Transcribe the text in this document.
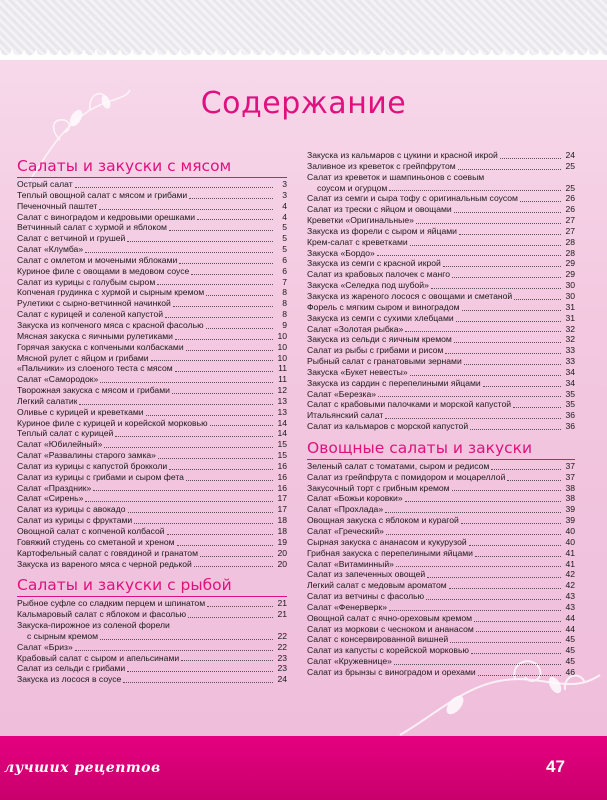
Содержание
Салаты и закуски с мясом
Острый салат	3
Теплый овощной салат с мясом и грибами	3
Печеночный паштет	4
Салат с виноградом и кедровыми орешками	4
Ветчинный салат с хурмой и яблоком	5
Салат с ветчиной и грушей	5
Салат «Клумба»	5
Салат с омлетом и мочеными яблоками	6
Куриное филе с овощами в медовом соусе	6
Салат из курицы с голубым сыром	7
Копченая грудинка с хурмой и сырным кремом	8
Рулетики с сырно-ветчинной начинкой	8
Салат с курицей и соленой капустой	8
Закуска из копченого мяса с красной фасолью	9
Мясная закуска с яичными рулетиками	10
Горячая закуска с копчеными колбасками	10
Мясной рулет с яйцом и грибами	10
«Пальчики» из слоеного теста с мясом	11
Салат «Самородок»	11
Творожная закуска с мясом и грибами	12
Легкий салатик	13
Оливье с курицей и креветками	13
Куриное филе с курицей и корейской морковью	14
Теплый салат с курицей	14
Салат «Юбилейный»	15
Салат «Развалины старого замка»	15
Салат из курицы с капустой брокколи	16
Салат из курицы с грибами и сыром фета	16
Салат «Праздник»	16
Салат «Сирень»	17
Салат из курицы с авокадо	17
Салат из курицы с фруктами	18
Овощной салат с копченой колбасой	18
Говяжий студень со сметаной и хреном	19
Картофельный салат с говядиной и гранатом	20
Закуска из вареного мяса с черной редькой	20
Салаты и закуски с рыбой
Рыбное суфле со сладким перцем и шпинатом	21
Кальмаровый салат с яблоком и фасолью	21
Закуска-пирожное из соленой форели
с сырным кремом	22
Салат «Бриз»	22
Крабовый салат с сыром и апельсинами	23
Салат из сельди с грибами	23
Закуска из лосося в соусе	24
Закуска из кальмаров с цукини и красной икрой	24
Заливное из креветок с грейпфрутом	25
Салат из креветок и шампиньонов с соевым
соусом и огурцом	25
Салат из семги и сыра тофу с оригинальным соусом	26
Салат из трески с яйцом и овощами	26
Креветки «Оригинальные»	27
Закуска из форели с сыром и яйцами	27
Крем-салат с креветками	28
Закуска «Бордо»	28
Закуска из семги с красной икрой	29
Салат из крабовых палочек с манго	29
Закуска «Селедка под шубой»	30
Закуска из жареного лосося с овощами и сметаной	30
Форель с мягким сыром и виноградом	31
Закуска из семги с сухими хлебцами	31
Салат «Золотая рыбка»	32
Закуска из сельди с яичным кремом	32
Салат из рыбы с грибами и рисом	33
Рыбный салат с гранатовыми зернами	33
Закуска «Букет невесты»	34
Закуска из сардин с перепелиными яйцами	34
Салат «Березка»	35
Салат с крабовыми палочками и морской капустой	35
Итальянский салат	36
Салат из кальмаров с морской капустой	36
Овощные салаты и закуски
Зеленый салат с томатами, сыром и редисом	37
Салат из грейпфрута с помидором и моцареллой	37
Закусочный торт с грибным кремом	38
Салат «Божьи коровки»	38
Салат «Прохлада»	39
Овощная закуска с яблоком и курагой	39
Салат «Греческий»	40
Сырная закуска с ананасом и кукурузой	40
Грибная закуска с перепелиными яйцами	41
Салат «Витаминный»	41
Салат из запеченных овощей	42
Легкий салат с медовым ароматом	42
Салат из ветчины с фасолью	43
Салат «Фенерверк»	43
Овощной салат с ячно-ореховым кремом	44
Салат из моркови с чесноком и ананасом	44
Салат с консервированной вишней	45
Салат из капусты с корейской морковью	45
Салат «Кружевнице»	45
Салат из брынзы с виноградом и орехами	46
лучших рецептов	47
